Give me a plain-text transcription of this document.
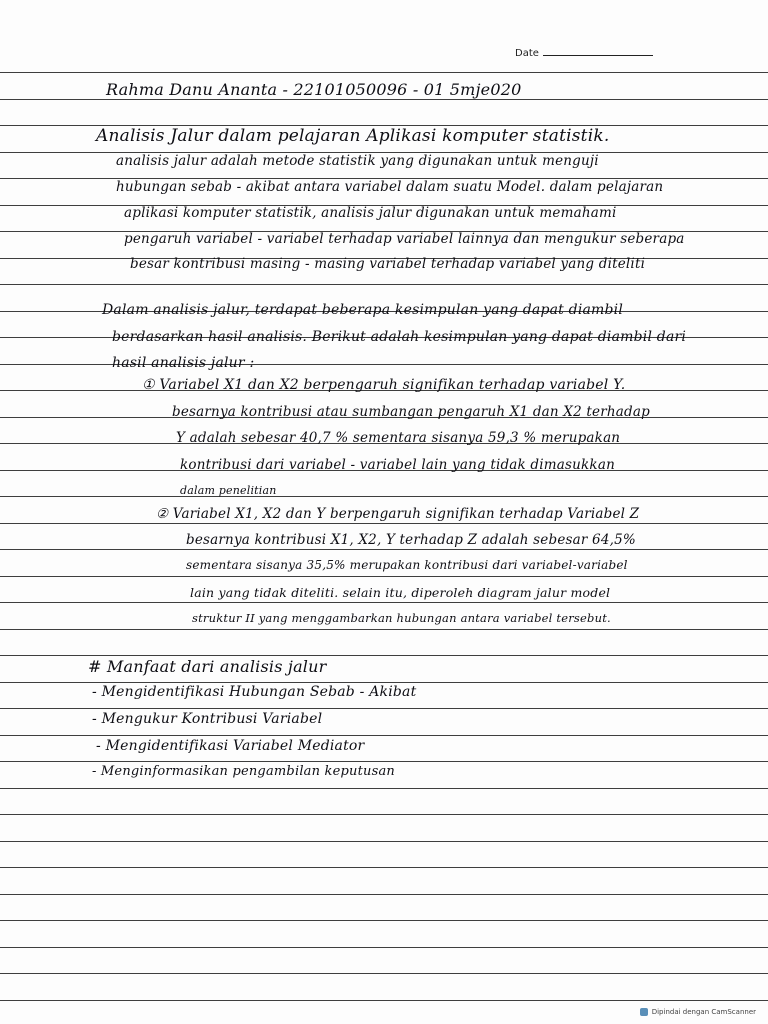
Date
Rahma Danu Ananta - 22101050096 - 01 5mje020
Analisis Jalur dalam pelajaran Aplikasi komputer statistik.
analisis jalur adalah metode statistik yang digunakan untuk menguji
hubungan sebab - akibat antara variabel dalam suatu Model. dalam pelajaran
aplikasi komputer statistik, analisis jalur digunakan untuk memahami
pengaruh variabel - variabel terhadap variabel lainnya dan mengukur seberapa
besar kontribusi masing - masing variabel terhadap variabel yang diteliti
Dalam analisis jalur, terdapat beberapa kesimpulan yang dapat diambil
berdasarkan hasil analisis. Berikut adalah kesimpulan yang dapat diambil dari
hasil analisis jalur :
① Variabel X1 dan X2 berpengaruh signifikan terhadap variabel Y.
besarnya kontribusi atau sumbangan pengaruh X1 dan X2 terhadap
Y adalah sebesar 40,7 % sementara sisanya 59,3 % merupakan
kontribusi dari variabel - variabel lain yang tidak dimasukkan
dalam penelitian
② Variabel X1, X2 dan Y berpengaruh signifikan terhadap Variabel Z
besarnya kontribusi X1, X2, Y terhadap Z adalah sebesar 64,5%
sementara sisanya 35,5% merupakan kontribusi dari variabel-variabel
lain yang tidak diteliti. selain itu, diperoleh diagram jalur model
struktur II yang menggambarkan hubungan antara variabel tersebut.
# Manfaat dari analisis jalur
- Mengidentifikasi Hubungan Sebab - Akibat
- Mengukur Kontribusi Variabel
- Mengidentifikasi Variabel Mediator
- Menginformasikan pengambilan keputusan
Dipindai dengan CamScanner
